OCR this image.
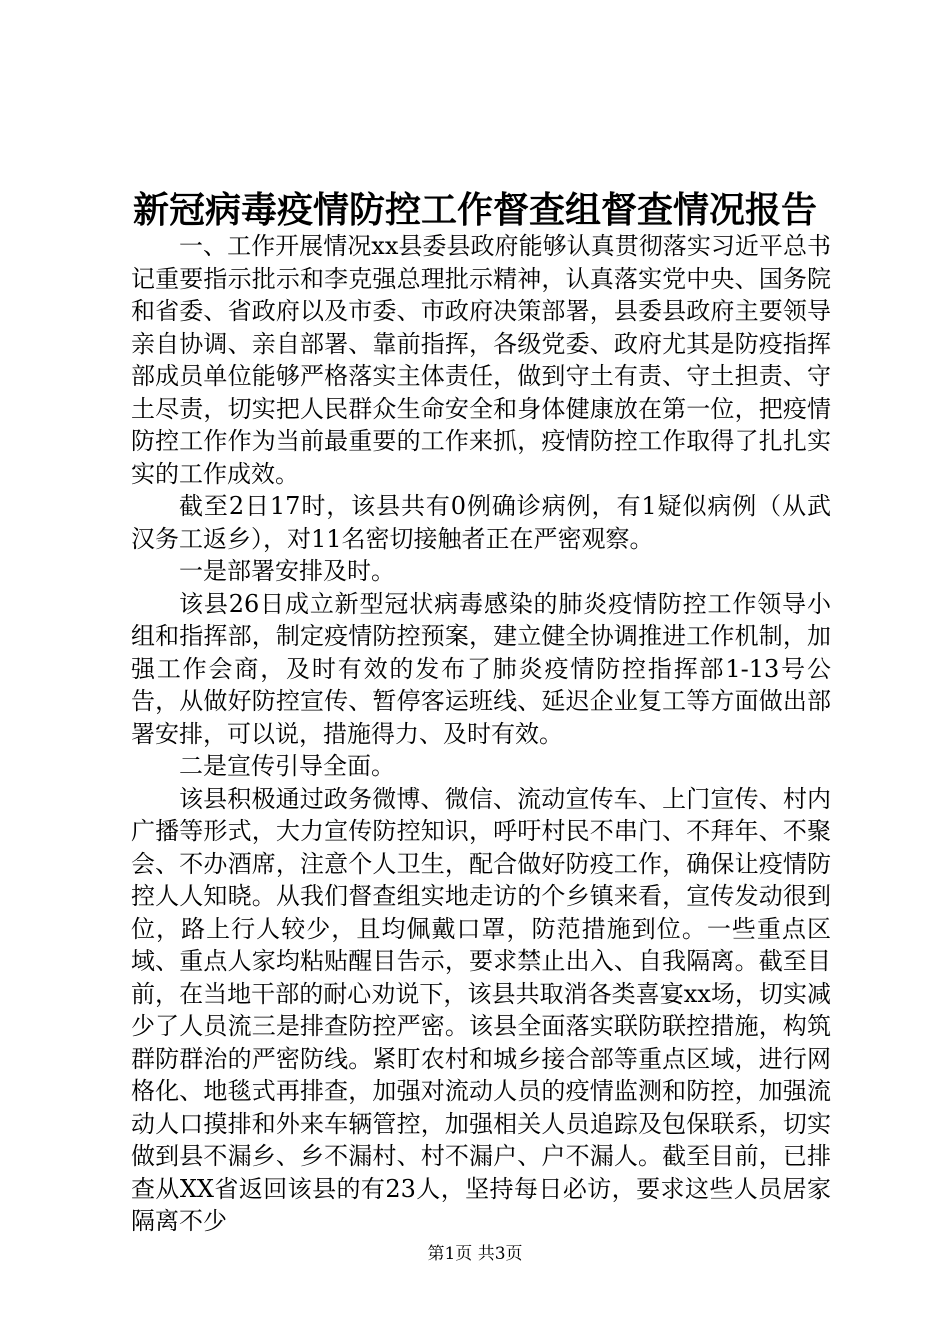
新冠病毒疫情防控工作督查组督查情况报告

一、工作开展情况xx县委县政府能够认真贯彻落实习近平总书记重要指示批示和李克强总理批示精神，认真落实党中央、国务院和省委、省政府以及市委、市政府决策部署，县委县政府主要领导亲自协调、亲自部署、靠前指挥，各级党委、政府尤其是防疫指挥部成员单位能够严格落实主体责任，做到守土有责、守土担责、守土尽责，切实把人民群众生命安全和身体健康放在第一位，把疫情防控工作作为当前最重要的工作来抓，疫情防控工作取得了扎扎实实的工作成效。

截至2日17时，该县共有0例确诊病例，有1疑似病例（从武汉务工返乡），对11名密切接触者正在严密观察。

一是部署安排及时。

该县26日成立新型冠状病毒感染的肺炎疫情防控工作领导小组和指挥部，制定疫情防控预案，建立健全协调推进工作机制，加强工作会商，及时有效的发布了肺炎疫情防控指挥部1-13号公告，从做好防控宣传、暂停客运班线、延迟企业复工等方面做出部署安排，可以说，措施得力、及时有效。

二是宣传引导全面。

该县积极通过政务微博、微信、流动宣传车、上门宣传、村内广播等形式，大力宣传防控知识，呼吁村民不串门、不拜年、不聚会、不办酒席，注意个人卫生，配合做好防疫工作，确保让疫情防控人人知晓。从我们督查组实地走访的个乡镇来看，宣传发动很到位，路上行人较少，且均佩戴口罩，防范措施到位。一些重点区域、重点人家均粘贴醒目告示，要求禁止出入、自我隔离。截至目前，在当地干部的耐心劝说下，该县共取消各类喜宴xx场，切实减少了人员流三是排查防控严密。该县全面落实联防联控措施，构筑群防群治的严密防线。紧盯农村和城乡接合部等重点区域，进行网格化、地毯式再排查，加强对流动人员的疫情监测和防控，加强流动人口摸排和外来车辆管控，加强相关人员追踪及包保联系，切实做到县不漏乡、乡不漏村、村不漏户、户不漏人。截至目前，已排查从XX省返回该县的有23人，坚持每日必访，要求这些人员居家隔离不少

第1页 共3页
